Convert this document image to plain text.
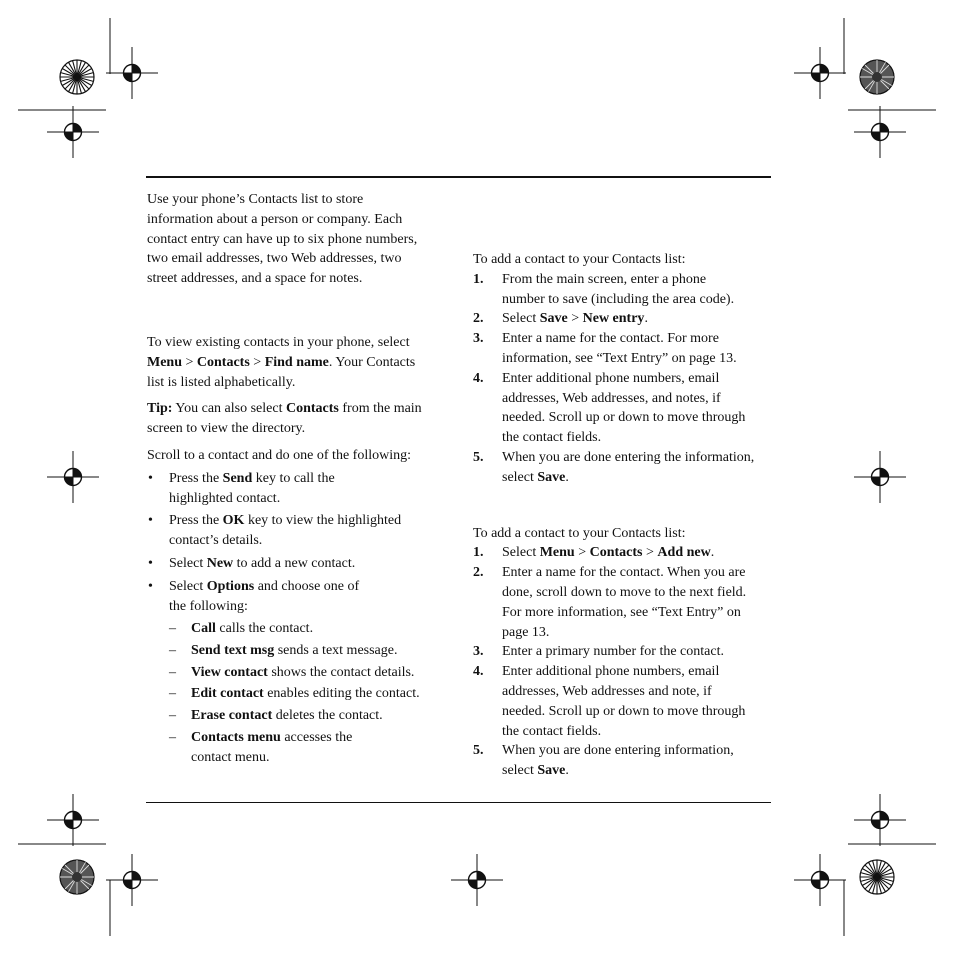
Use your phone’s Contacts list to store
information about a person or company. Each
contact entry can have up to six phone numbers,
two email addresses, two Web addresses, two
street addresses, and a space for notes.

To view existing contacts in your phone, select
Menu > Contacts > Find name. Your Contacts
list is listed alphabetically.

Tip: You can also select Contacts from the main
screen to view the directory.

Scroll to a contact and do one of the following:

• Press the Send key to call the
highlighted contact.
• Press the OK key to view the highlighted
contact’s details.
• Select New to add a new contact.
• Select Options and choose one of
the following:
– Call calls the contact.
– Send text msg sends a text message.
– View contact shows the contact details.
– Edit contact enables editing the contact.
– Erase contact deletes the contact.
– Contacts menu accesses the
contact menu.

To add a contact to your Contacts list:

1. From the main screen, enter a phone
number to save (including the area code).
2. Select Save > New entry.
3. Enter a name for the contact. For more
information, see “Text Entry” on page 13.
4. Enter additional phone numbers, email
addresses, Web addresses, and notes, if
needed. Scroll up or down to move through
the contact fields.
5. When you are done entering the information,
select Save.

To add a contact to your Contacts list:

1. Select Menu > Contacts > Add new.
2. Enter a name for the contact. When you are
done, scroll down to move to the next field.
For more information, see “Text Entry” on
page 13.
3. Enter a primary number for the contact.
4. Enter additional phone numbers, email
addresses, Web addresses and note, if
needed. Scroll up or down to move through
the contact fields.
5. When you are done entering information,
select Save.
